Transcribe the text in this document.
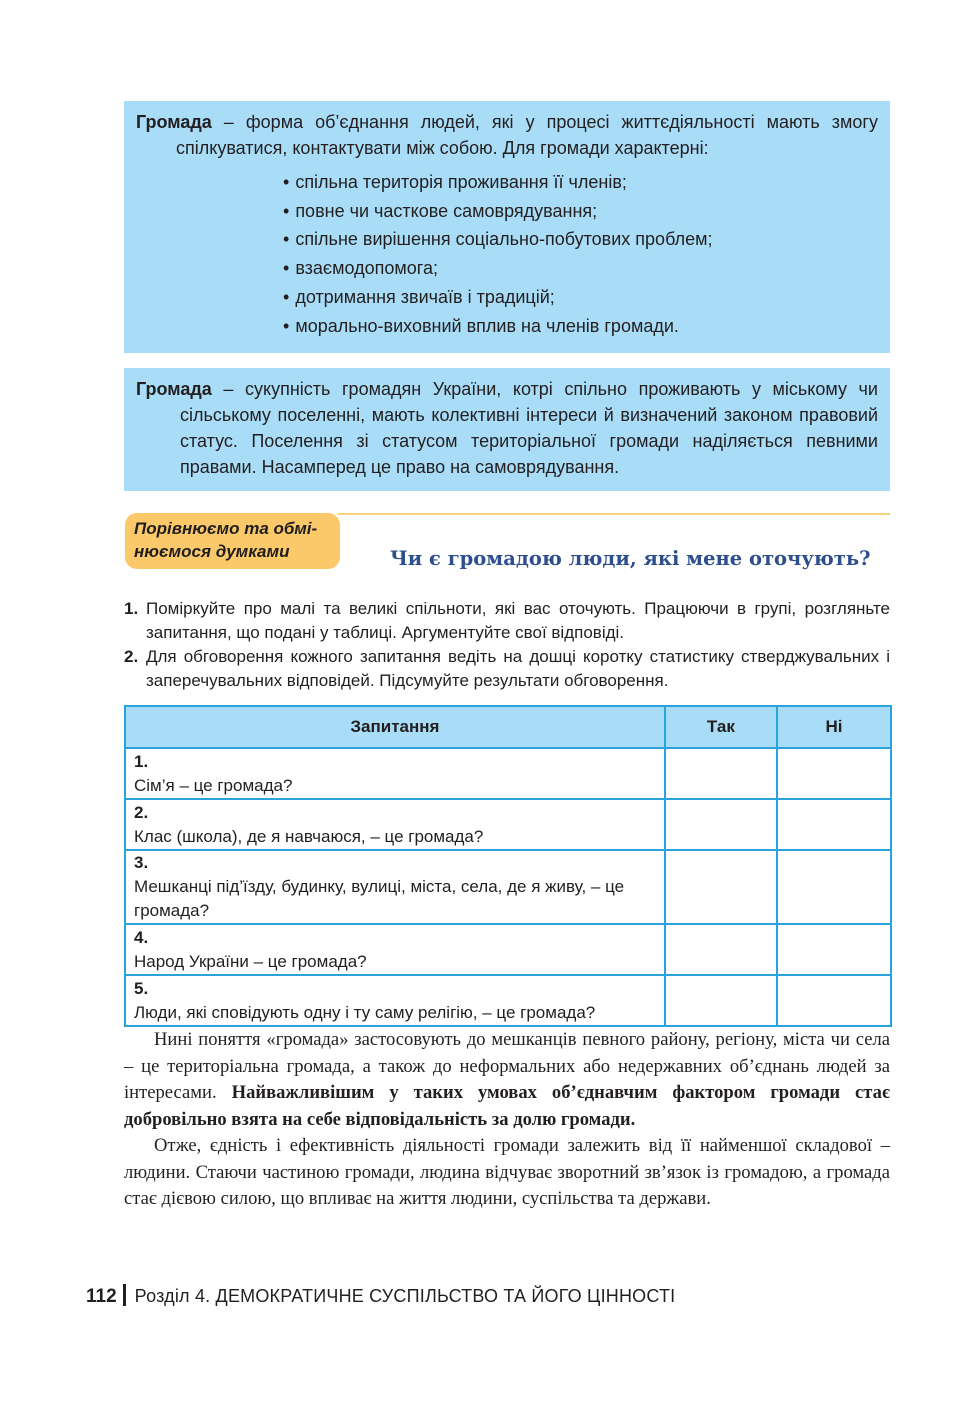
Громада – форма об’єднання людей, які у процесі життєдіяльності мають змогу спілкуватися, контактувати між собою. Для громади характерні:

• спільна територія проживання її членів;
• повне чи часткове самоврядування;
• спільне вирішення соціально-побутових проблем;
• взаємодопомога;
• дотримання звичаїв і традицій;
• морально-виховний вплив на членів громади.

Громада – сукупність громадян України, котрі спільно проживають у міському чи сільському поселенні, мають колективні інтереси й визначений законом правовий статус. Поселення зі статусом територіальної громади наділяється певними правами. Насамперед це право на самоврядування.

Порівнюємо та обмінюємося думками	Чи є громадою люди, які мене оточують?

1. Поміркуйте про малі та великі спільноти, які вас оточують. Працюючи в групі, розгляньте запитання, що подані у таблиці. Аргументуйте свої відповіді.

2. Для обговорення кожного запитання ведіть на дошці коротку статистику стверджувальних і заперечувальних відповідей. Підсумуйте результати обговорення.

Запитання	Так	Ні
1.Сім’я – це громада?		
2.Клас (школа), де я навчаюся, – це громада?		
3.Мешканці під’їзду, будинку, вулиці, міста, села, де я живу, – це громада?		
4.Народ України – це громада?		
5.Люди, які сповідують одну і ту саму релігію, – це громада?		

Нині поняття «громада» застосовують до мешканців певного району, регіону, міста чи села – це територіальна громада, а також до неформальних або недержавних об’єднань людей за інтересами. Найважливішим у таких умовах об’єднавчим фактором громади стає добровільно взята на себе відповідальність за долю громади.

Отже, єдність і ефективність діяльності громади залежить від її найменшої складової – людини. Стаючи частиною громади, людина відчуває зворотний зв’язок із громадою, а громада стає дієвою силою, що впливає на життя людини, суспільства та держави.

112 Розділ 4. ДЕМОКРАТИЧНЕ СУСПІЛЬСТВО ТА ЙОГО ЦІННОСТІ
